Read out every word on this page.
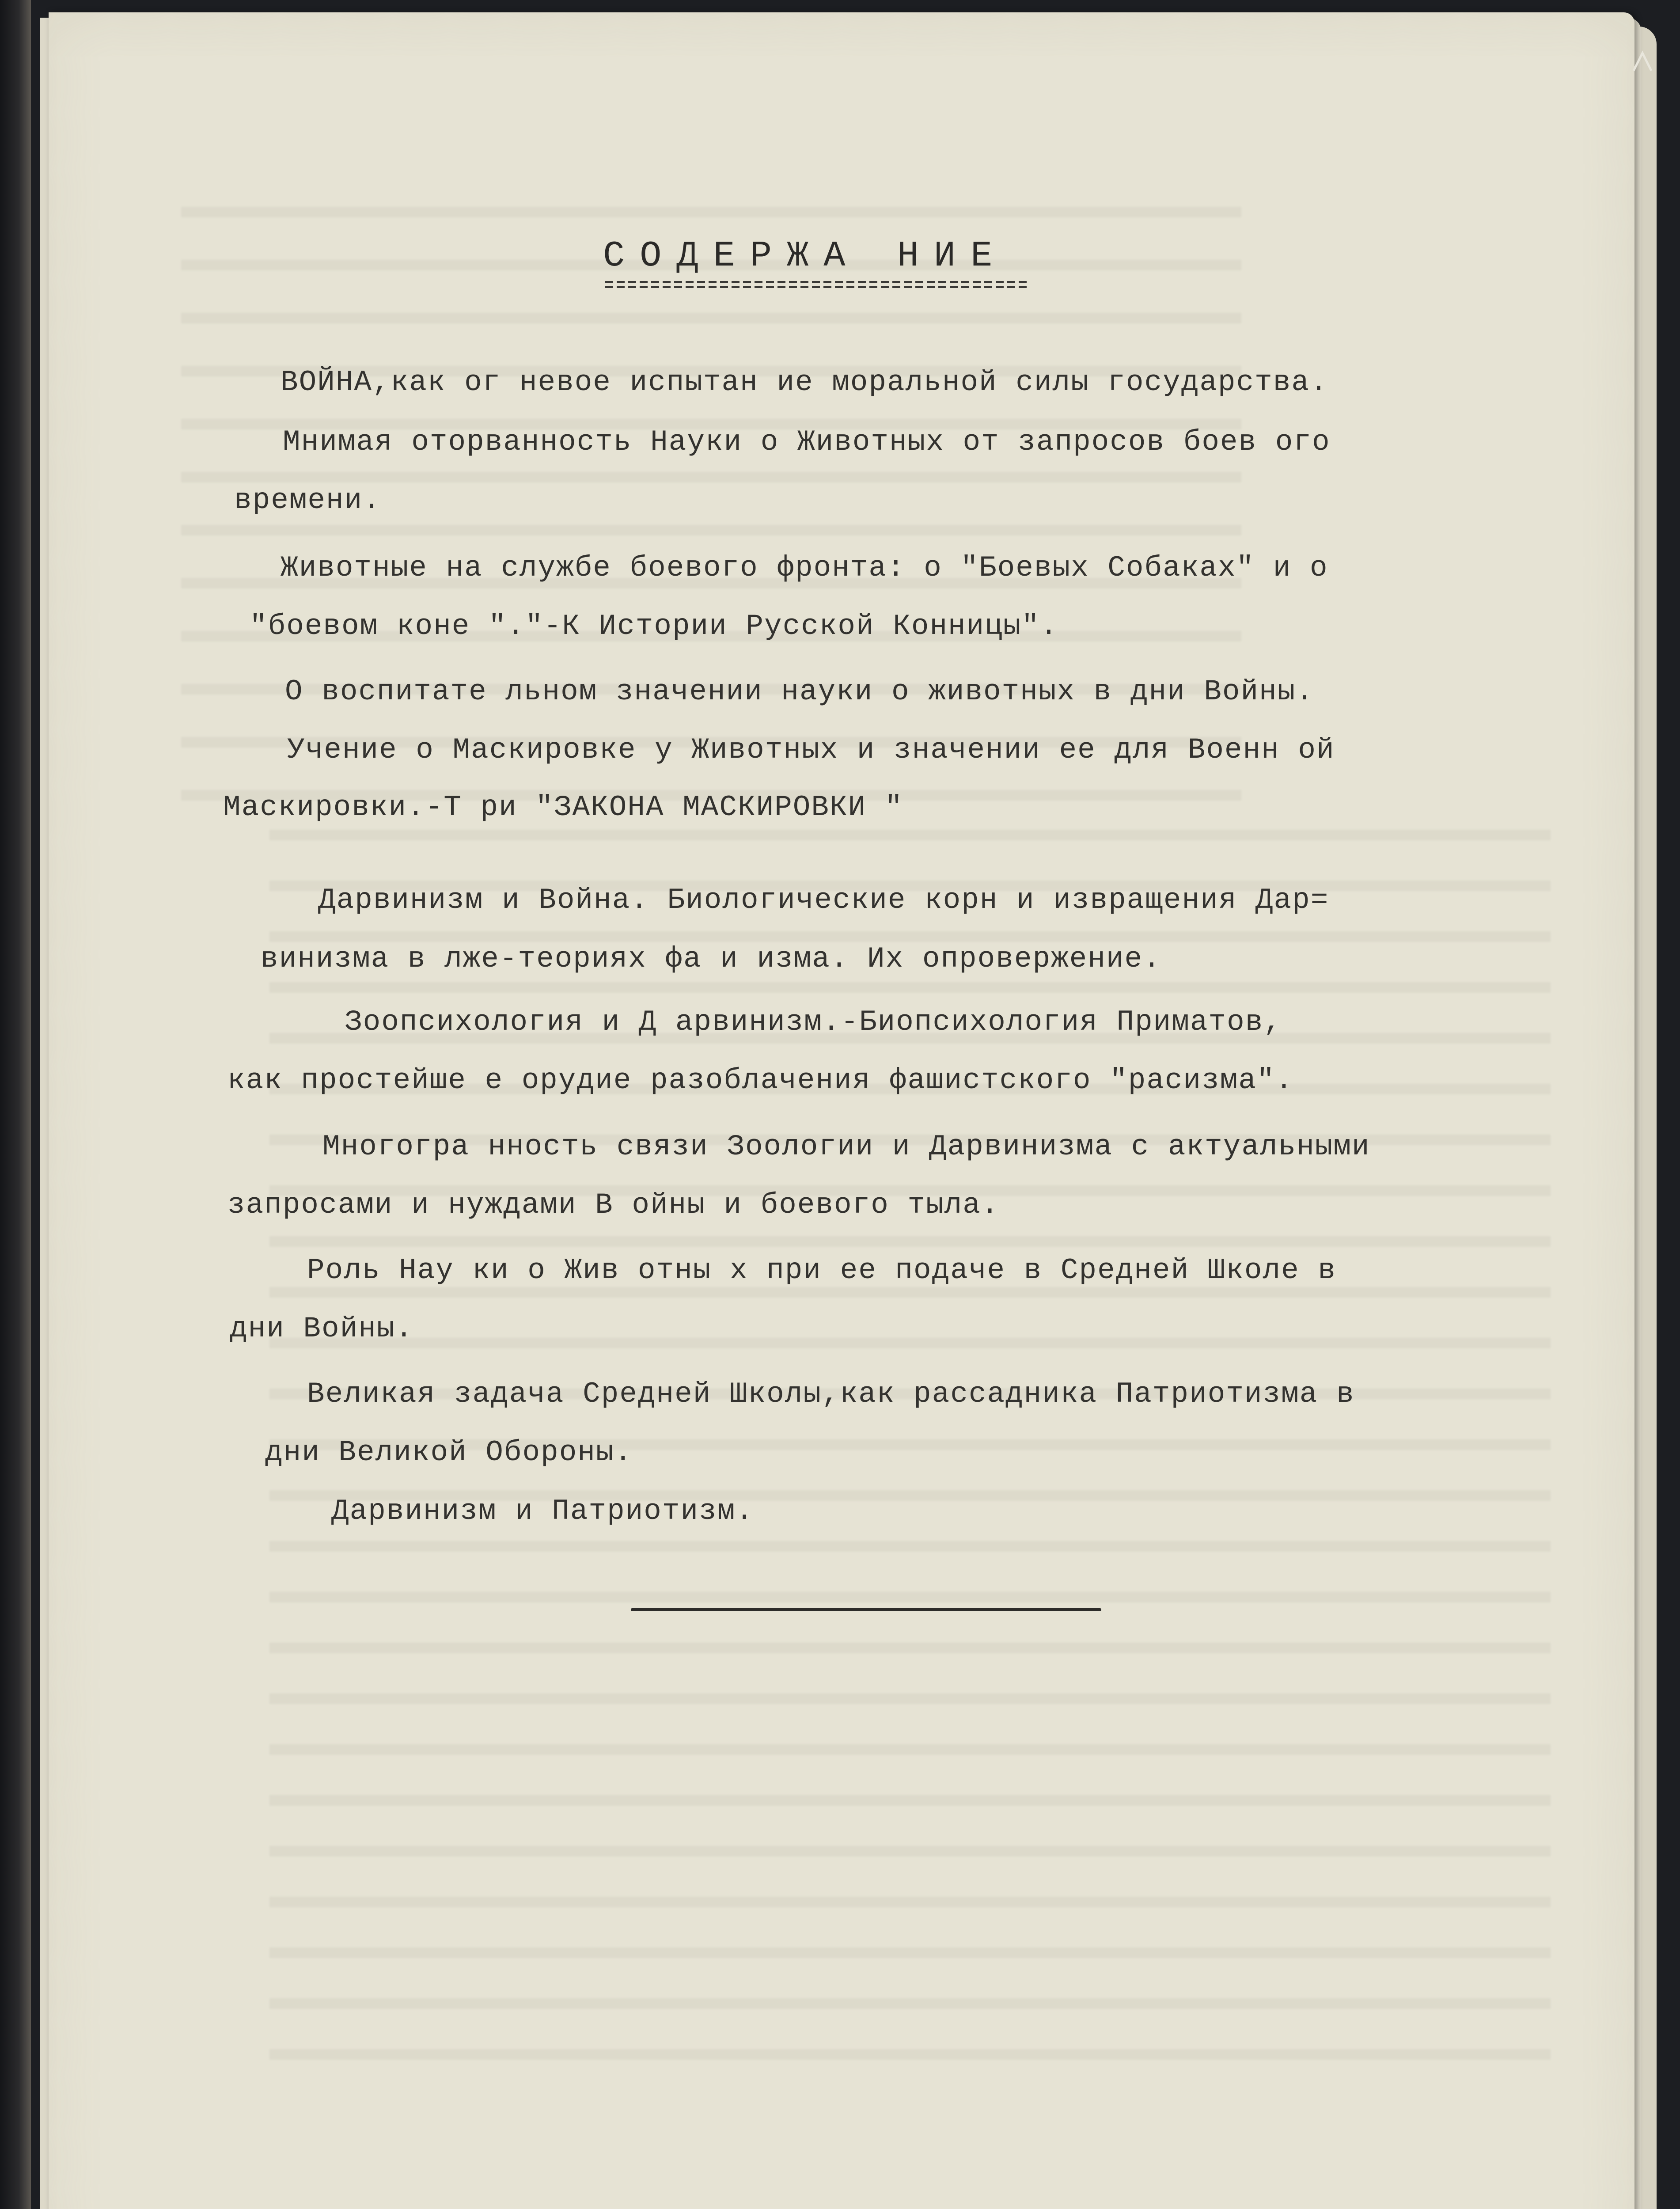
СОДЕРЖА НИЕ
ВОЙНА,как ог невое испытан ие моральной силы государства.
Мнимая оторванность Науки о Животных от запросов боев ого
времени.
Животные на службе боевого фронта: о "Боевых Собаках" и о
"боевом коне "."-К Истории Русской Конницы".
О воспитате льном значении науки о животных в дни Войны.
Учение о Маскировке у Животных и значении ее для Военн ой
Маскировки.-Т ри "ЗАКОНА МАСКИРОВКИ "
Дарвинизм и Война. Биологические корн и извращения Дар=
винизма в лже-теориях фа и изма. Их опровержение.
Зоопсихология и Д арвинизм.-Биопсихология Приматов,
как простейше е орудие разоблачения фашистского "расизма".
Многогра нность связи Зоологии и Дарвинизма с актуальными
запросами и нуждами В ойны и боевого тыла.
Роль Нау ки о Жив отны х при ее подаче в Средней Школе в
дни Войны.
Великая задача Средней Школы,как рассадника Патриотизма в
дни Великой Обороны.
Дарвинизм и Патриотизм.
